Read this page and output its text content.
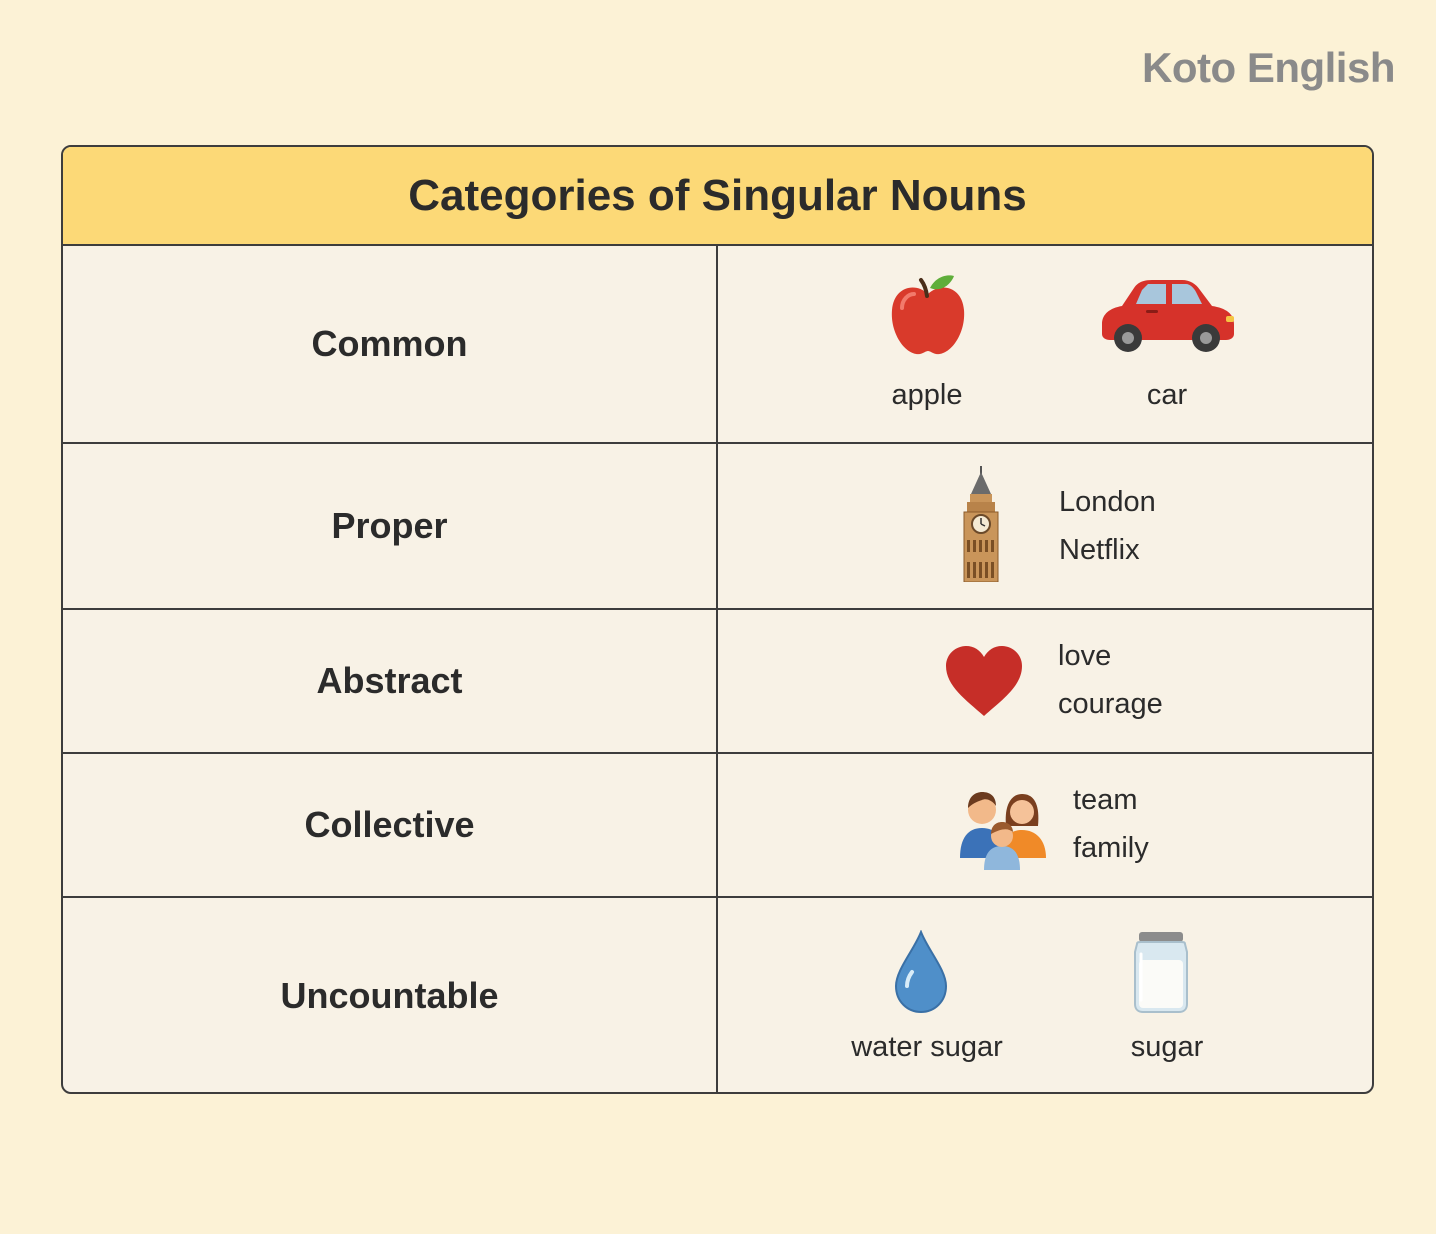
Koto English
Categories of Singular Nouns
Common
apple	car
Proper
London
Netflix
Abstract
love
courage
Collective
team
family
Uncountable
water sugar	sugar
